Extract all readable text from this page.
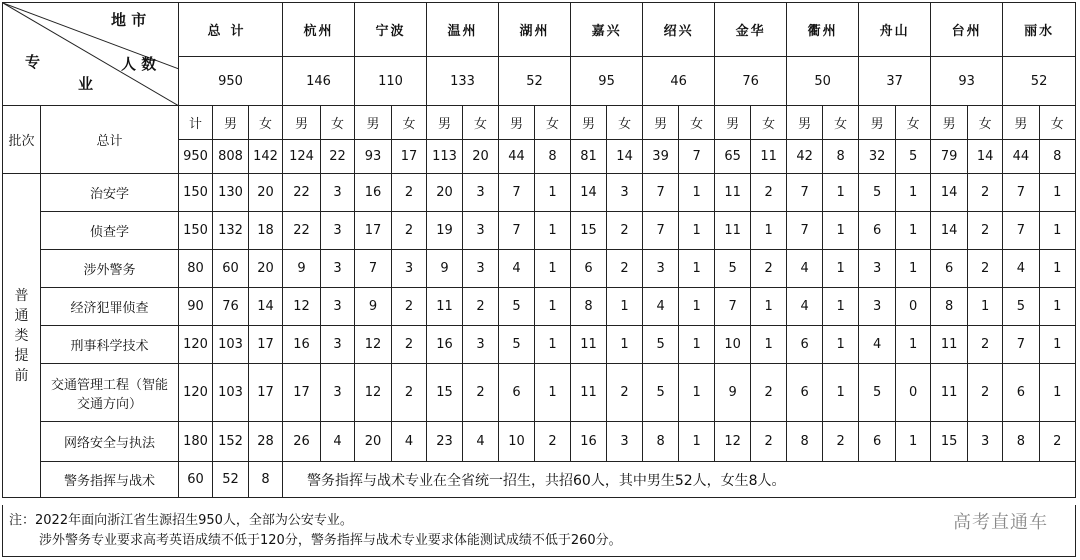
地 市
人 数
专
业		总计			杭州		宁波		温州		湖州		嘉兴		绍兴		金华		衢州		舟山		台州		丽水	
		950			146		110		133		52		95		46		76		50		37		93		52	
批次	总计	计	男	女	男	女	男	女	男	女	男	女	男	女	男	女	男	女	男	女	男	女	男	女	男	女
		950	808	142	124	22	93	17	113	20	44	8	81	14	39	7	65	11	42	8	32	5	79	14	44	8

普通类提前	治安学	150	130	20	22	3	16	2	20	3	7	1	14	3	7	1	11	2	7	1	5	1	14	2	7	1
	侦查学	150	132	18	22	3	17	2	19	3	7	1	15	2	7	1	11	1	7	1	6	1	14	2	7	1
	涉外警务	80	60	20	9	3	7	3	9	3	4	1	6	2	3	1	5	2	4	1	3	1	6	2	4	1
	经济犯罪侦查	90	76	14	12	3	9	2	11	2	5	1	8	1	4	1	7	1	4	1	3	0	8	1	5	1
	刑事科学技术	120	103	17	16	3	12	2	16	3	5	1	11	1	5	1	10	1	6	1	4	1	11	2	7	1
	交通管理工程（智能交通方向）	120	103	17	17	3	12	2	15	2	6	1	11	2	5	1	9	2	6	1	5	0	11	2	6	1
	网络安全与执法	180	152	28	26	4	20	4	23	4	10	2	16	3	8	1	12	2	8	2	6	1	15	3	8	2
	警务指挥与战术	60	52	8	警务指挥与战术专业在全省统一招生，共招60人，其中男生52人，女生8人。																					
注：2022年面向浙江省生源招生950人，全部为公安专业。
涉外警务专业要求高考英语成绩不低于120分，警务指挥与战术专业要求体能测试成绩不低于260分。
高考直通车
